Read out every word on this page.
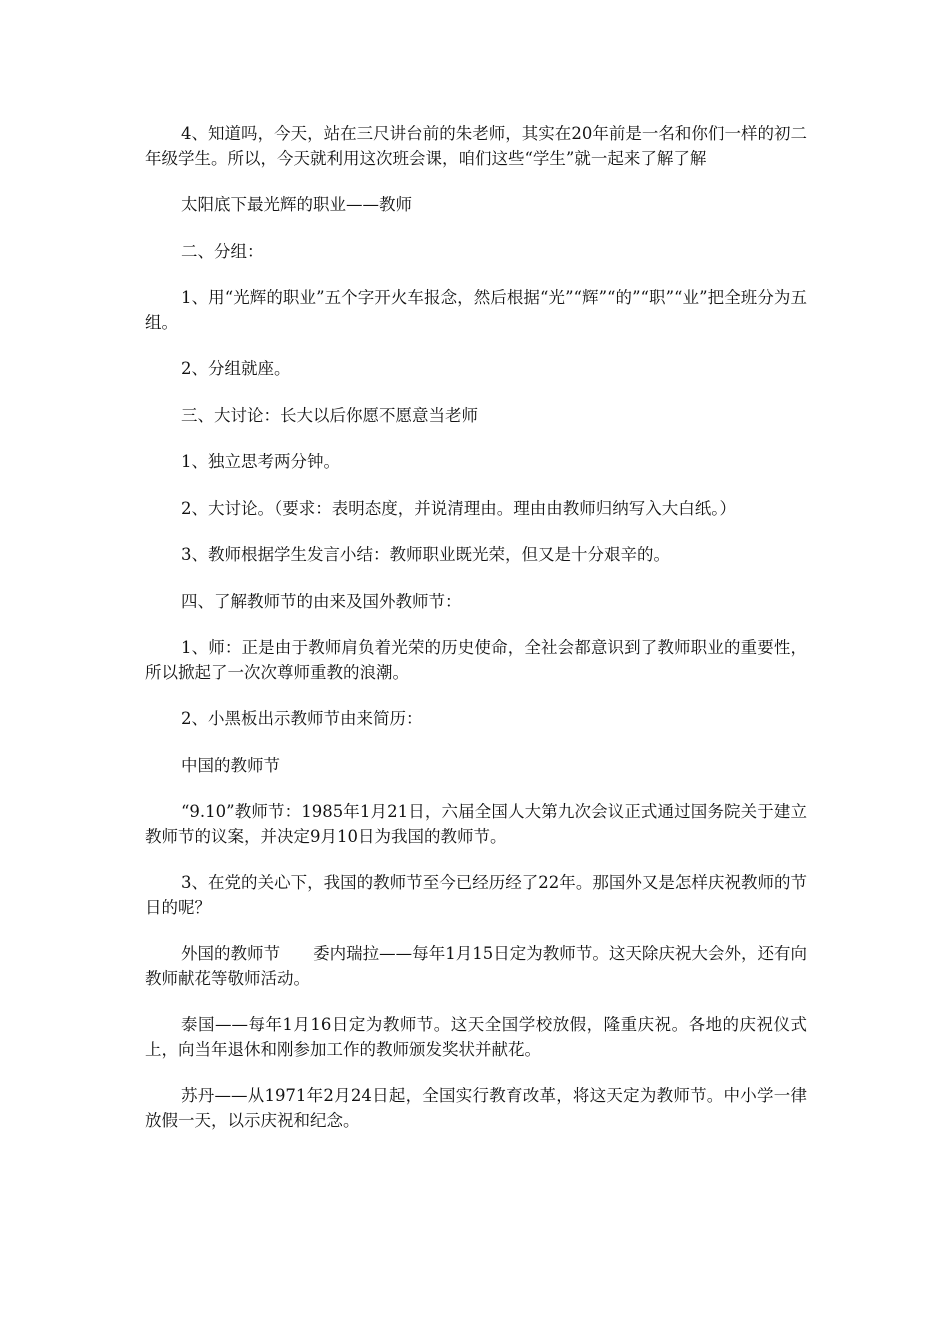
4、知道吗，今天，站在三尺讲台前的朱老师，其实在20年前是一名和你们一样的初二年级学生。所以，今天就利用这次班会课，咱们这些“学生”就一起来了解了解

太阳底下最光辉的职业——教师

二、分组：

1、用“光辉的职业”五个字开火车报念，然后根据“光”“辉”“的”“职”“业”把全班分为五组。

2、分组就座。

三、大讨论：长大以后你愿不愿意当老师

1、独立思考两分钟。

2、大讨论。（要求：表明态度，并说清理由。理由由教师归纳写入大白纸。）

3、教师根据学生发言小结：教师职业既光荣，但又是十分艰辛的。

四、了解教师节的由来及国外教师节：

1、师：正是由于教师肩负着光荣的历史使命，全社会都意识到了教师职业的重要性，所以掀起了一次次尊师重教的浪潮。

2、小黑板出示教师节由来简历：

中国的教师节

“9.10”教师节：1985年1月21日，六届全国人大第九次会议正式通过国务院关于建立教师节的议案，并决定9月10日为我国的教师节。

3、在党的关心下，我国的教师节至今已经历经了22年。那国外又是怎样庆祝教师的节日的呢？

外国的教师节　　委内瑞拉——每年1月15日定为教师节。这天除庆祝大会外，还有向教师献花等敬师活动。

泰国——每年1月16日定为教师节。这天全国学校放假，隆重庆祝。各地的庆祝仪式上，向当年退休和刚参加工作的教师颁发奖状并献花。

苏丹——从1971年2月24日起，全国实行教育改革，将这天定为教师节。中小学一律放假一天，以示庆祝和纪念。
